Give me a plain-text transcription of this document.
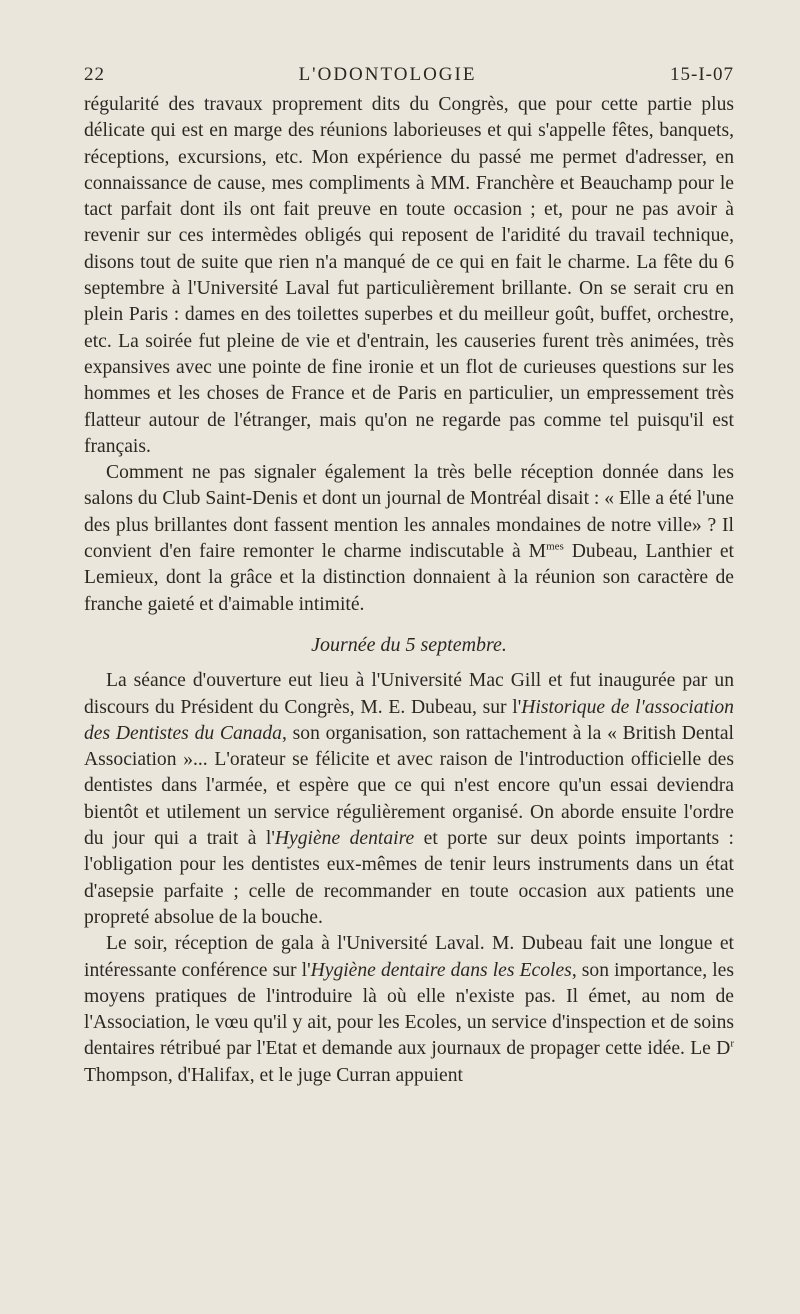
22	L'ODONTOLOGIE	15-I-07

régularité des travaux proprement dits du Congrès, que pour cette partie plus délicate qui est en marge des réunions laborieuses et qui s'appelle fêtes, banquets, réceptions, excursions, etc. Mon expérience du passé me permet d'adresser, en connaissance de cause, mes compliments à MM. Franchère et Beauchamp pour le tact parfait dont ils ont fait preuve en toute occasion ; et, pour ne pas avoir à revenir sur ces intermèdes obligés qui reposent de l'aridité du travail technique, disons tout de suite que rien n'a manqué de ce qui en fait le charme. La fête du 6 septembre à l'Université Laval fut particulièrement brillante. On se serait cru en plein Paris : dames en des toilettes superbes et du meilleur goût, buffet, orchestre, etc. La soirée fut pleine de vie et d'entrain, les causeries furent très animées, très expansives avec une pointe de fine ironie et un flot de curieuses questions sur les hommes et les choses de France et de Paris en particulier, un empressement très flatteur autour de l'étranger, mais qu'on ne regarde pas comme tel puisqu'il est français.

Comment ne pas signaler également la très belle réception donnée dans les salons du Club Saint-Denis et dont un journal de Montréal disait : « Elle a été l'une des plus brillantes dont fassent mention les annales mondaines de notre ville» ? Il convient d'en faire remonter le charme indiscutable à $M^{mes}$ Dubeau, Lanthier et Lemieux, dont la grâce et la distinction donnaient à la réunion son caractère de franche gaieté et d'aimable intimité.

Journée du 5 septembre.

La séance d'ouverture eut lieu à l'Université Mac Gill et fut inaugurée par un discours du Président du Congrès, M. E. Dubeau, sur l'Historique de l'association des Dentistes du Canada, son organisation, son rattachement à la « British Dental Association »... L'orateur se félicite et avec raison de l'introduction officielle des dentistes dans l'armée, et espère que ce qui n'est encore qu'un essai deviendra bientôt et utilement un service régulièrement organisé. On aborde ensuite l'ordre du jour qui a trait à l'Hygiène dentaire et porte sur deux points importants : l'obligation pour les dentistes eux-mêmes de tenir leurs instruments dans un état d'asepsie parfaite ; celle de recommander en toute occasion aux patients une propreté absolue de la bouche.

Le soir, réception de gala à l'Université Laval. M. Dubeau fait une longue et intéressante conférence sur l'Hygiène dentaire dans les Ecoles, son importance, les moyens pratiques de l'introduire là où elle n'existe pas. Il émet, au nom de l'Association, le vœu qu'il y ait, pour les Ecoles, un service d'inspection et de soins dentaires rétribué par l'Etat et demande aux journaux de propager cette idée. Le $D^r$ Thompson, d'Halifax, et le juge Curran appuient
